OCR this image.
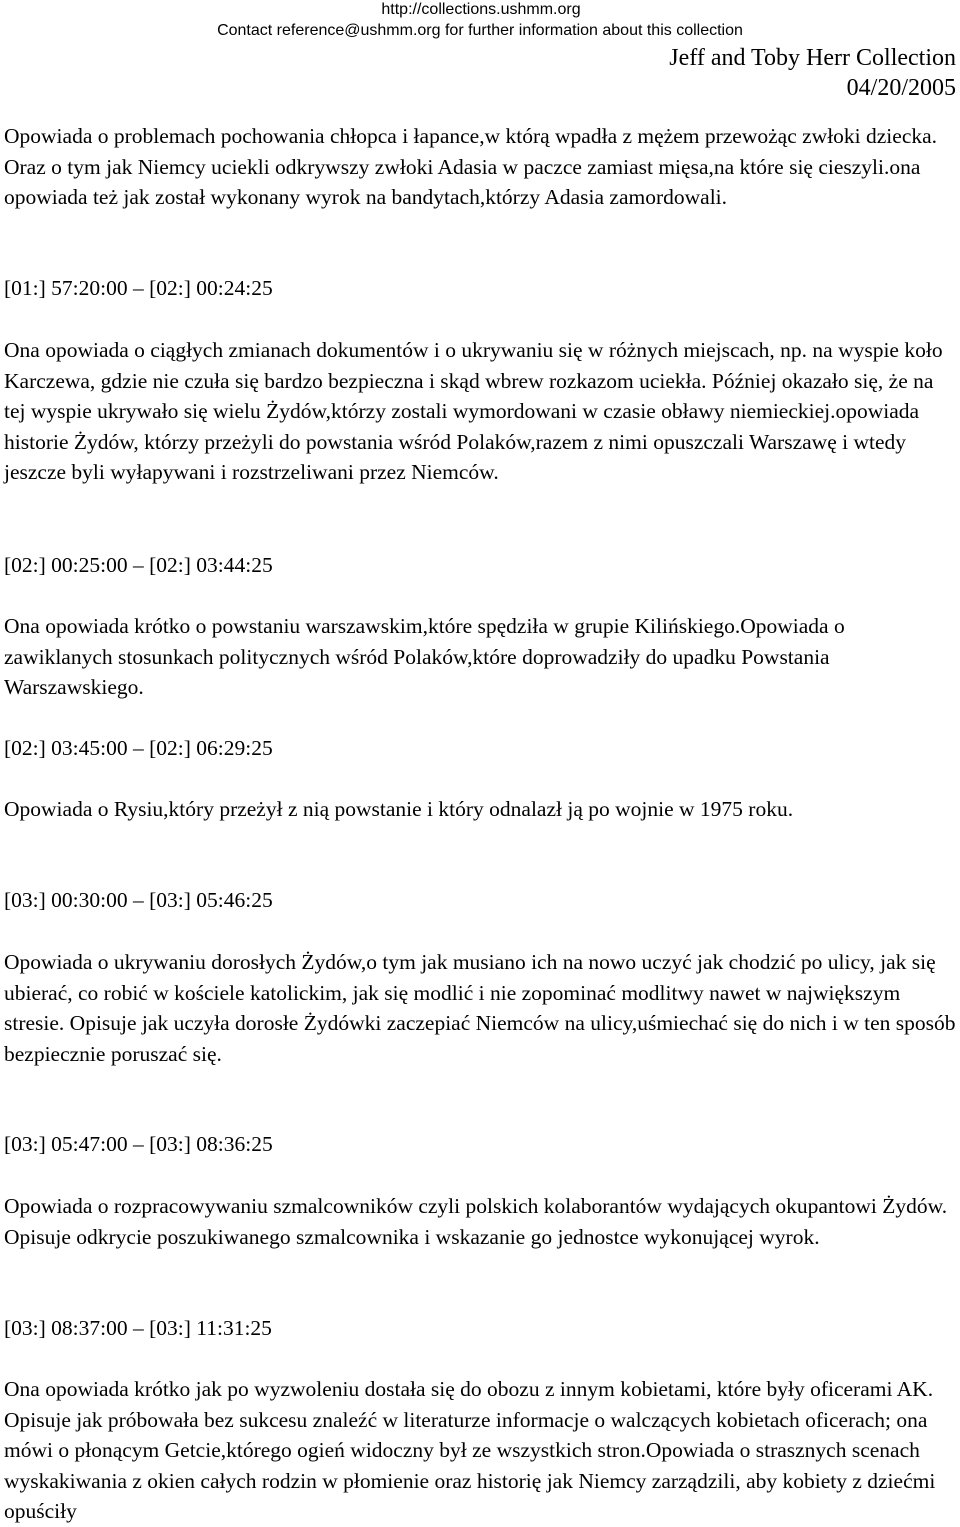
http://collections.ushmm.org
Contact reference@ushmm.org for further information about this collection
Jeff and Toby Herr Collection
04/20/2005

Opowiada o problemach pochowania chłopca i łapance,w którą wpadła z mężem przewożąc zwłoki dziecka. Oraz o tym jak Niemcy uciekli odkrywszy zwłoki Adasia w paczce zamiast mięsa,na które się cieszyli.ona opowiada też jak został wykonany wyrok na bandytach,którzy Adasia zamordowali.

[01:] 57:20:00 – [02:] 00:24:25

Ona opowiada o ciągłych zmianach dokumentów i o ukrywaniu się w różnych miejscach, np. na wyspie koło Karczewa, gdzie nie czuła się bardzo bezpieczna i skąd wbrew rozkazom uciekła. Później okazało się, że na tej wyspie ukrywało się wielu Żydów,którzy zostali wymordowani w czasie obławy niemieckiej.opowiada historie Żydów, którzy przeżyli do powstania wśród Polaków,razem z nimi opuszczali Warszawę i wtedy jeszcze byli wyłapywani i rozstrzeliwani przez Niemców.

[02:] 00:25:00 – [02:] 03:44:25

Ona opowiada krótko o powstaniu warszawskim,które spędziła w grupie Kilińskiego.Opowiada o zawiklanych stosunkach politycznych wśród Polaków,które doprowadziły do upadku Powstania Warszawskiego.

[02:] 03:45:00 – [02:] 06:29:25

Opowiada o Rysiu,który przeżył z nią powstanie i który odnalazł ją po wojnie w 1975 roku.

[03:] 00:30:00 – [03:] 05:46:25

Opowiada o ukrywaniu dorosłych Żydów,o tym jak musiano ich na nowo uczyć jak chodzić po ulicy, jak się ubierać, co robić w kościele katolickim, jak się modlić i nie zopominać modlitwy nawet w największym stresie. Opisuje jak uczyła dorosłe Żydówki zaczepiać Niemców na ulicy,uśmiechać się do nich i w ten sposób bezpiecznie poruszać się.

[03:] 05:47:00 – [03:] 08:36:25

Opowiada o rozpracowywaniu szmalcowników czyli polskich kolaborantów wydających okupantowi Żydów. Opisuje odkrycie poszukiwanego szmalcownika i wskazanie go jednostce wykonującej wyrok.

[03:] 08:37:00 – [03:] 11:31:25

Ona opowiada krótko jak po wyzwoleniu dostała się do obozu z innym kobietami, które były oficerami AK. Opisuje jak próbowała bez sukcesu znaleźć w literaturze informacje o walczących kobietach oficerach; ona mówi o płonącym Getcie,którego ogień widoczny był ze wszystkich stron.Opowiada o strasznych scenach wyskakiwania z okien całych rodzin w płomienie oraz historię jak Niemcy zarządzili, aby kobiety z dziećmi opuściły
